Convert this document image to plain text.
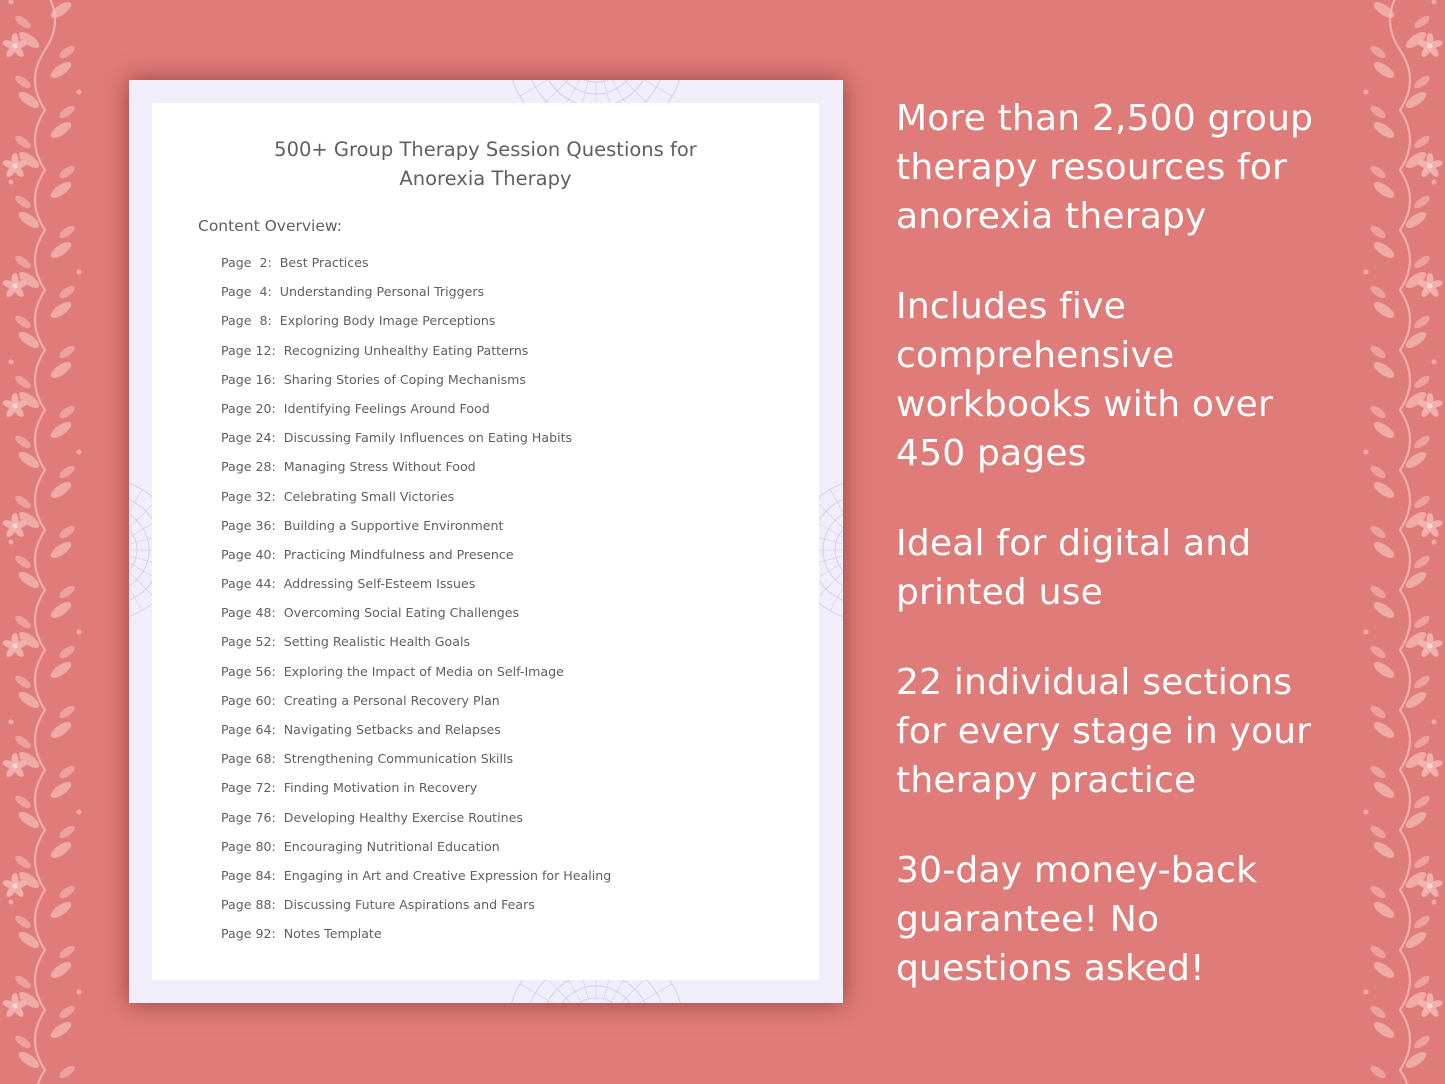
500+ Group Therapy Session Questions for
Anorexia Therapy
Content Overview:
Page  2:  Best Practices
Page  4:  Understanding Personal Triggers
Page  8:  Exploring Body Image Perceptions
Page 12:  Recognizing Unhealthy Eating Patterns
Page 16:  Sharing Stories of Coping Mechanisms
Page 20:  Identifying Feelings Around Food
Page 24:  Discussing Family Influences on Eating Habits
Page 28:  Managing Stress Without Food
Page 32:  Celebrating Small Victories
Page 36:  Building a Supportive Environment
Page 40:  Practicing Mindfulness and Presence
Page 44:  Addressing Self-Esteem Issues
Page 48:  Overcoming Social Eating Challenges
Page 52:  Setting Realistic Health Goals
Page 56:  Exploring the Impact of Media on Self-Image
Page 60:  Creating a Personal Recovery Plan
Page 64:  Navigating Setbacks and Relapses
Page 68:  Strengthening Communication Skills
Page 72:  Finding Motivation in Recovery
Page 76:  Developing Healthy Exercise Routines
Page 80:  Encouraging Nutritional Education
Page 84:  Engaging in Art and Creative Expression for Healing
Page 88:  Discussing Future Aspirations and Fears
Page 92:  Notes Template
More than 2,500 group
therapy resources for
anorexia therapy
Includes five
comprehensive
workbooks with over
450 pages
Ideal for digital and
printed use
22 individual sections
for every stage in your
therapy practice
30-day money-back
guarantee! No
questions asked!
